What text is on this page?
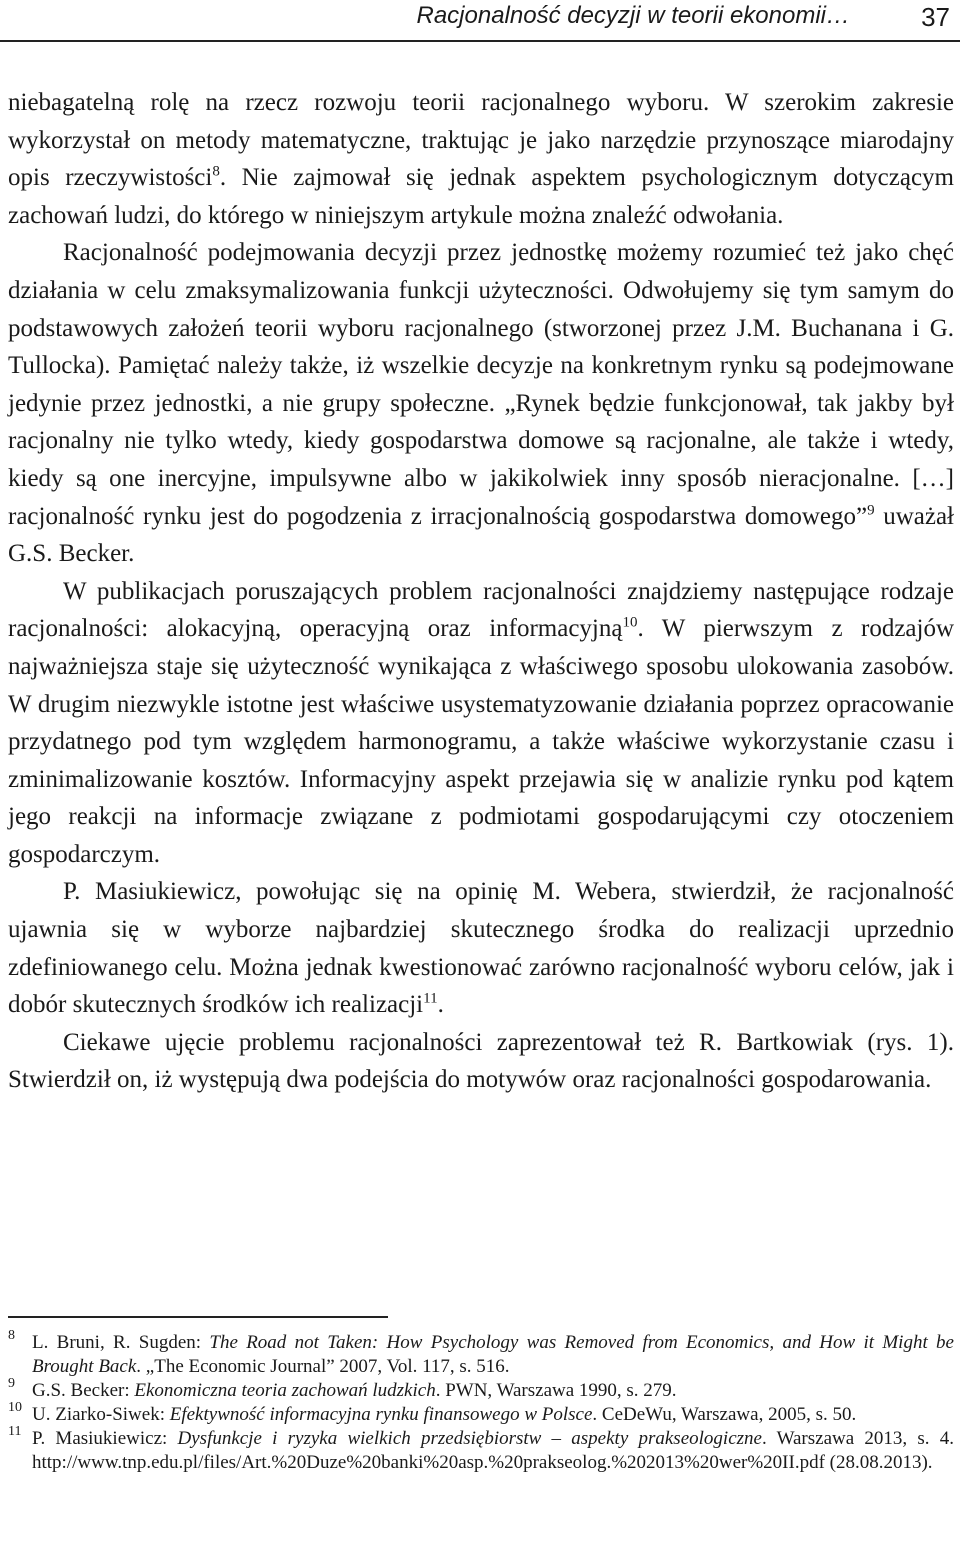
Racjonalność decyzji w teorii ekonomii…	37

niebagatelną rolę na rzecz rozwoju teorii racjonalnego wyboru. W szerokim zakresie wykorzystał on metody matematyczne, traktując je jako narzędzie przynoszące miarodajny opis rzeczywistości$^8$. Nie zajmował się jednak aspektem psychologicznym dotyczącym zachowań ludzi, do którego w niniejszym artykule można znaleźć odwołania.

Racjonalność podejmowania decyzji przez jednostkę możemy rozumieć też jako chęć działania w celu zmaksymalizowania funkcji użyteczności. Odwołujemy się tym samym do podstawowych założeń teorii wyboru racjonalnego (stworzonej przez J.M. Buchanana i G. Tullocka). Pamiętać należy także, iż wszelkie decyzje na konkretnym rynku są podejmowane jedynie przez jednostki, a nie grupy społeczne. „Rynek będzie funkcjonował, tak jakby był racjonalny nie tylko wtedy, kiedy gospodarstwa domowe są racjonalne, ale także i wtedy, kiedy są one inercyjne, impulsywne albo w jakikolwiek inny sposób nieracjonalne. […] racjonalność rynku jest do pogodzenia z irracjonalnością gospodarstwa domowego”$^9$ uważał G.S. Becker.

W publikacjach poruszających problem racjonalności znajdziemy następujące rodzaje racjonalności: alokacyjną, operacyjną oraz informacyjną$^{10}$. W pierwszym z rodzajów najważniejsza staje się użyteczność wynikająca z właściwego sposobu ulokowania zasobów. W drugim niezwykle istotne jest właściwe usystematyzowanie działania poprzez opracowanie przydatnego pod tym względem harmonogramu, a także właściwe wykorzystanie czasu i zminimalizowanie kosztów. Informacyjny aspekt przejawia się w analizie rynku pod kątem jego reakcji na informacje związane z podmiotami gospodarującymi czy otoczeniem gospodarczym.

P. Masiukiewicz, powołując się na opinię M. Webera, stwierdził, że racjonalność ujawnia się w wyborze najbardziej skutecznego środka do realizacji uprzednio zdefiniowanego celu. Można jednak kwestionować zarówno racjonalność wyboru celów, jak i dobór skutecznych środków ich realizacji$^{11}$.

Ciekawe ujęcie problemu racjonalności zaprezentował też R. Bartkowiak (rys. 1). Stwierdził on, iż występują dwa podejścia do motywów oraz racjonalności gospodarowania.

8 L. Bruni, R. Sugden: The Road not Taken: How Psychology was Removed from Economics, and How it Might be Brought Back. „The Economic Journal” 2007, Vol. 117, s. 516.
9 G.S. Becker: Ekonomiczna teoria zachowań ludzkich. PWN, Warszawa 1990, s. 279.
10 U. Ziarko-Siwek: Efektywność informacyjna rynku finansowego w Polsce. CeDeWu, Warszawa, 2005, s. 50.
11 P. Masiukiewicz: Dysfunkcje i ryzyka wielkich przedsiębiorstw – aspekty prakseologiczne. Warszawa 2013, s. 4. http://www.tnp.edu.pl/files/Art.%20Duze%20banki%20asp.%20prakseolog.%202013%20wer%20II.pdf (28.08.2013).
